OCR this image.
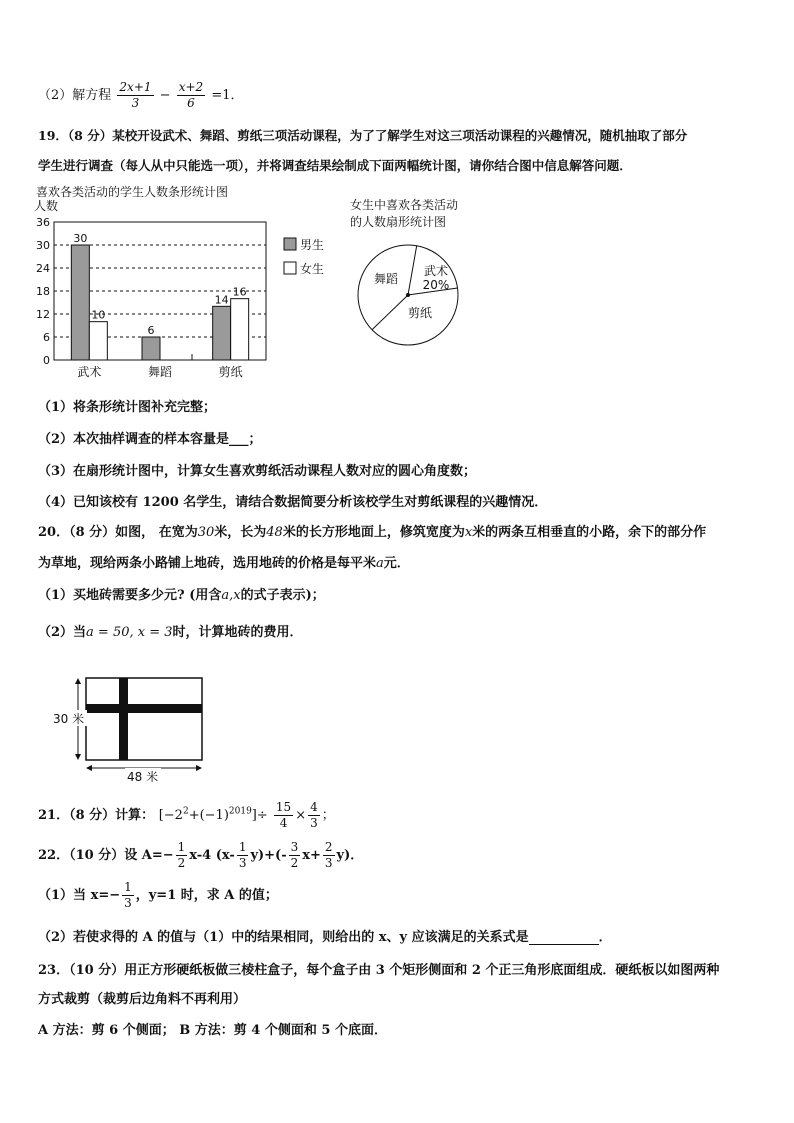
（2）解方程 $\frac{2x+1}{3} - \frac{x+2}{6} =1$．
19．（8 分）某校开设武术、舞蹈、剪纸三项活动课程，为了了解学生对这三项活动课程的兴趣情况，随机抽取了部分
学生进行调查（每人从中只能选一项），并将调查结果绘制成下面两幅统计图，请你结合图中信息解答问题．
喜欢各类活动的学生人数条形统计图
人数
0
6
12
18
24
30
36
武术
30
10
舞蹈
6
剪纸
14
16
男生
女生
女生中喜欢各类活动
的人数扇形统计图
武术
20%
剪纸
舞蹈
（1）将条形统计图补充完整；
（2）本次抽样调查的样本容量是___；
（3）在扇形统计图中，计算女生喜欢剪纸活动课程人数对应的圆心角度数；
（4）已知该校有 1200 名学生，请结合数据简要分析该校学生对剪纸课程的兴趣情况．
20．（8 分）如图， 在宽为30米，长为48米的长方形地面上，修筑宽度为x米的两条互相垂直的小路，余下的部分作
为草地，现给两条小路铺上地砖，选用地砖的价格是每平米a元．
（1）买地砖需要多少元? (用含a,x的式子表示)；
（2）当a = 50, x = 3时，计算地砖的费用．
30 米
48 米
21．（8 分）计算： $[-2^2+(-1)^{2019}]\div \frac{15}{4} \times \frac{4}{3}$ ；
22．（10 分）设 $A=- \frac{1}{2} x-4$ $(x- \frac{1}{3} y)+(- \frac{3}{2} x+ \frac{2}{3} y)$．
（1）当 $x=- \frac{1}{3}$ ，y=1 时，求 A 的值；
（2）若使求得的 A 的值与（1）中的结果相同，则给出的 x、y 应该满足的关系式是	．
23．（10 分）用正方形硬纸板做三棱柱盒子，每个盒子由 3 个矩形侧面和 2 个正三角形底面组成．硬纸板以如图两种
方式裁剪（裁剪后边角料不再利用）
A 方法：剪 6 个侧面； B 方法：剪 4 个侧面和 5 个底面．
